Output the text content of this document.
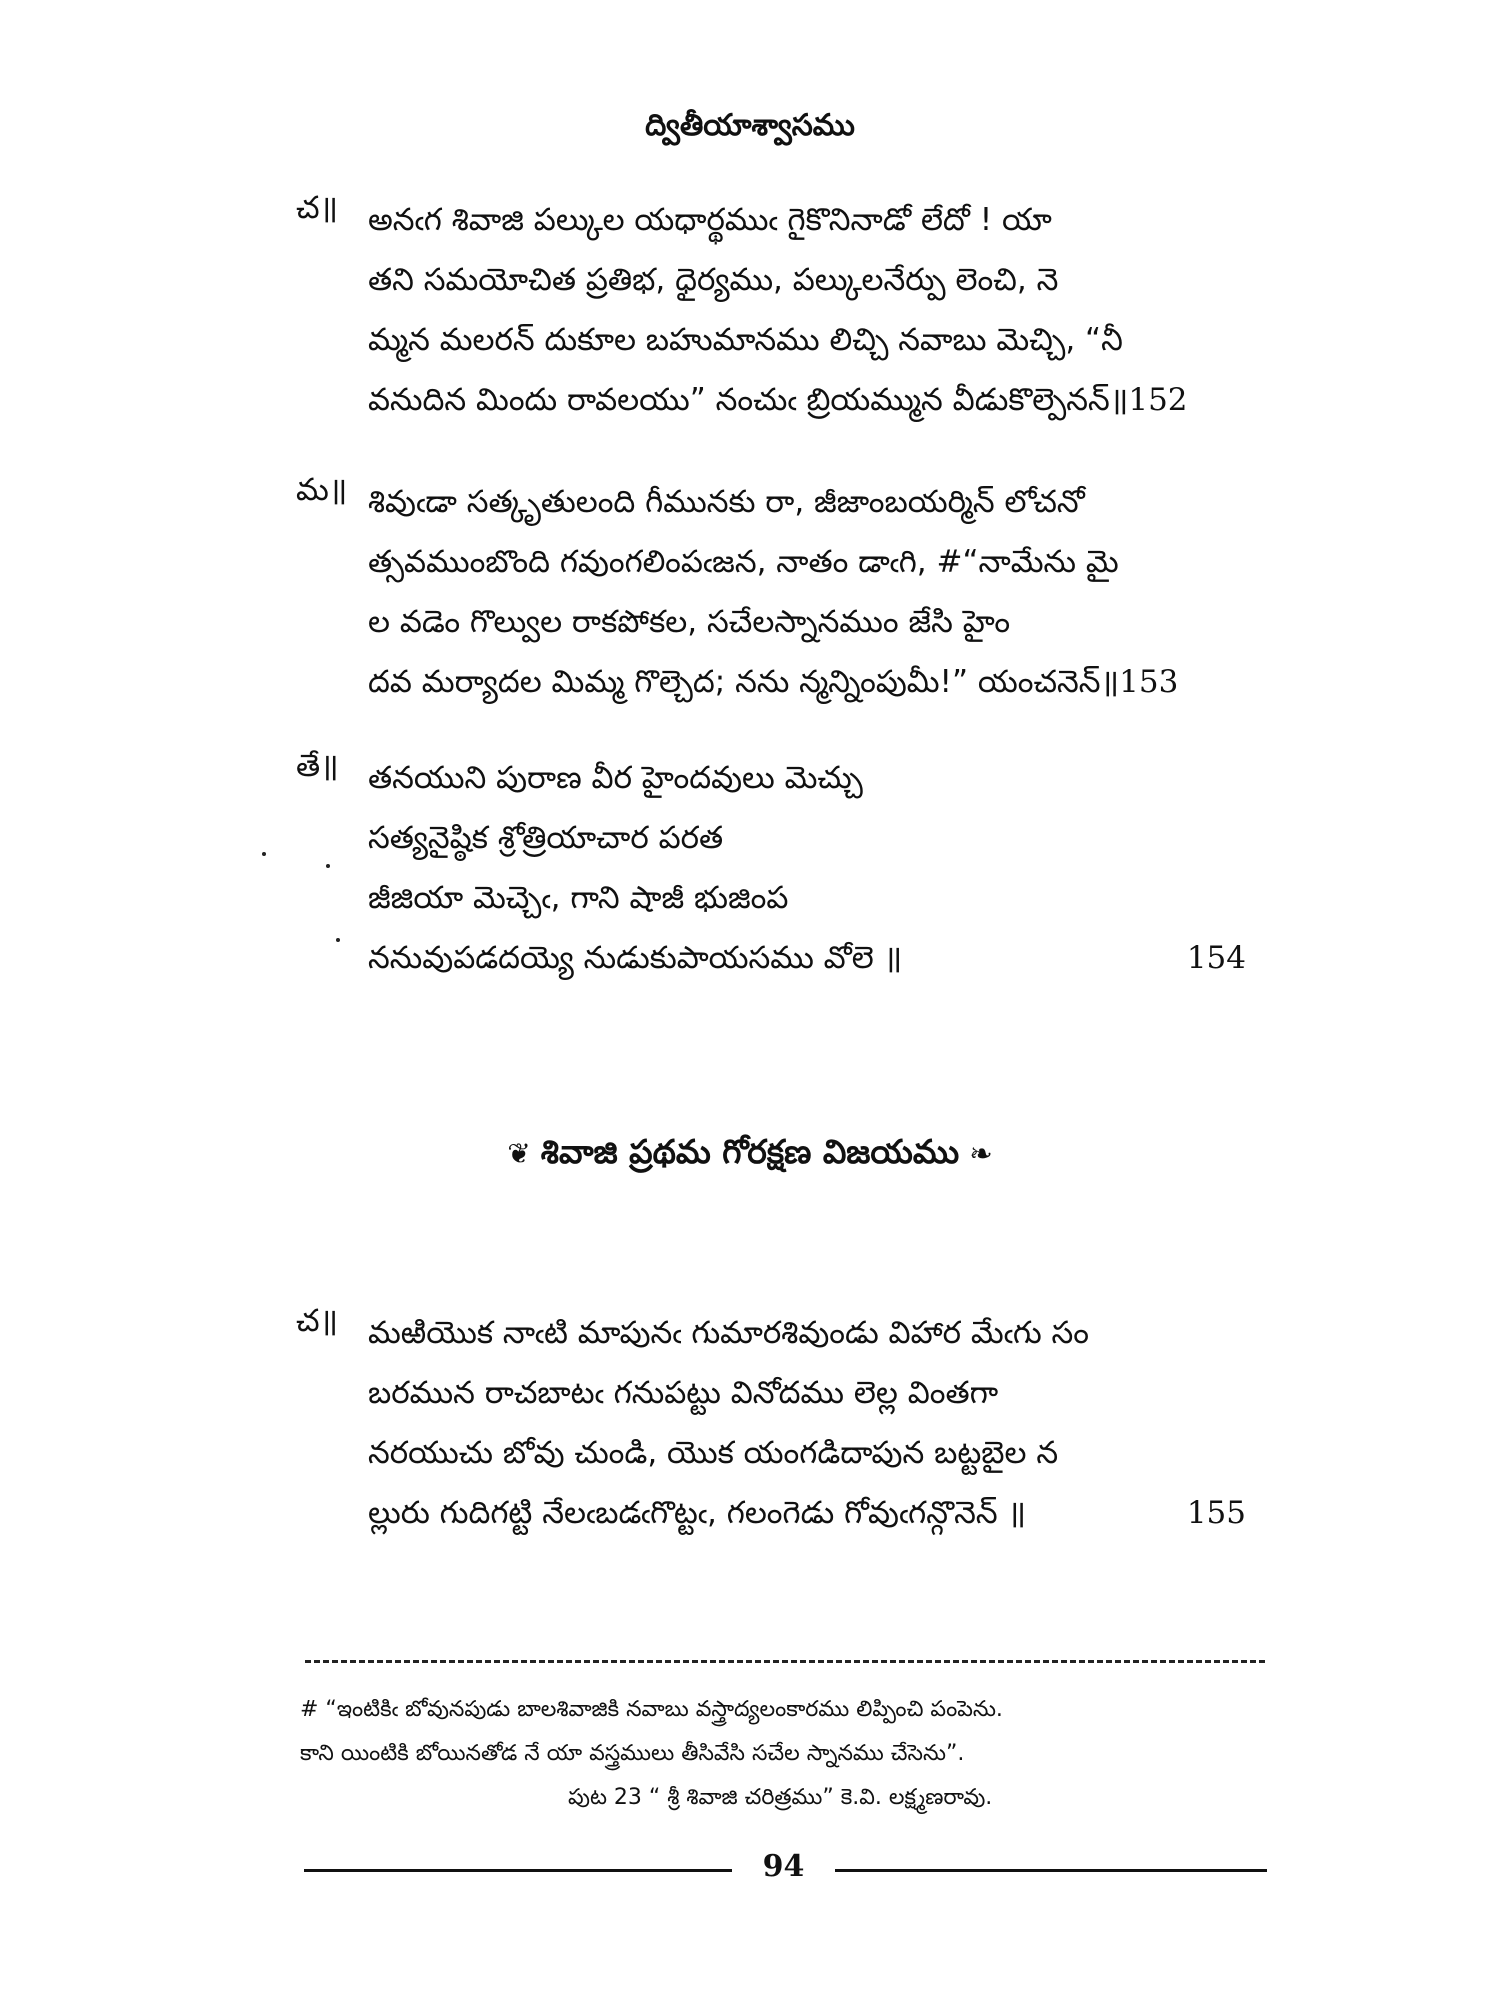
ద్వితీయాశ్వాసము
చ॥ అనఁగ శివాజి పల్కుల యధార్థముఁ గైకొనినాడో లేదో ! యా
తని సమయోచిత ప్రతిభ, ధైర్యము, పల్కులనేర్పు లెంచి, నె
మ్మన మలరన్ దుకూల బహుమానము లిచ్చి నవాబు మెచ్చి, “నీ
వనుదిన మిందు రావలయు” నంచుఁ బ్రియమ్మున వీడుకొల్పెనన్॥152
మ॥ శివుఁడా సత్కృతులంది గీమునకు రా, జీజాంబయర్మిన్ లోచనో
త్సవముంబొంది గవుంగలింపఁజన, నాతం డాఁగి, #“నామేను మై
ల వడెం గొల్వుల రాకపోకల, సచేలస్నానముం జేసి హైం
దవ మర్యాదల మిమ్మ గొల్చెద; నను న్మన్నింపుమీ!” యంచనెన్॥153
తే॥ తనయుని పురాణ వీర హైందవులు మెచ్చు
సత్యనైష్ఠిక శ్రోత్రియాచార పరత
జీజియా మెచ్చెఁ, గాని షాజీ భుజింప
ననువుపడదయ్యె నుడుకుపాయసము వోలె ॥	154
❦ శివాజి ప్రథమ గోరక్షణ విజయము ❧
చ॥ మఱియొక నాఁటి మాపునఁ గుమారశివుండు విహార మేఁగు సం
బరమున రాచబాటఁ గనుపట్టు వినోదము లెల్ల వింతగా
నరయుచు బోవు చుండి, యొక యంగడిదాపున బట్టబైల న
ల్లురు గుదిగట్టి నేలఁబడఁగొట్టఁ, గలంగెడు గోవుఁగన్గొనెన్ ॥	155
# “ఇంటికిఁ బోవునపుడు బాలశివాజికి నవాబు వస్త్రాద్యలంకారము లిప్పించి పంపెను.
కాని యింటికి బోయినతోడ నే యా వస్త్రములు తీసివేసి సచేల స్నానము చేసెను”.
పుట 23 “ శ్రీ శివాజి చరిత్రము” కె.వి. లక్ష్మణరావు.
94
